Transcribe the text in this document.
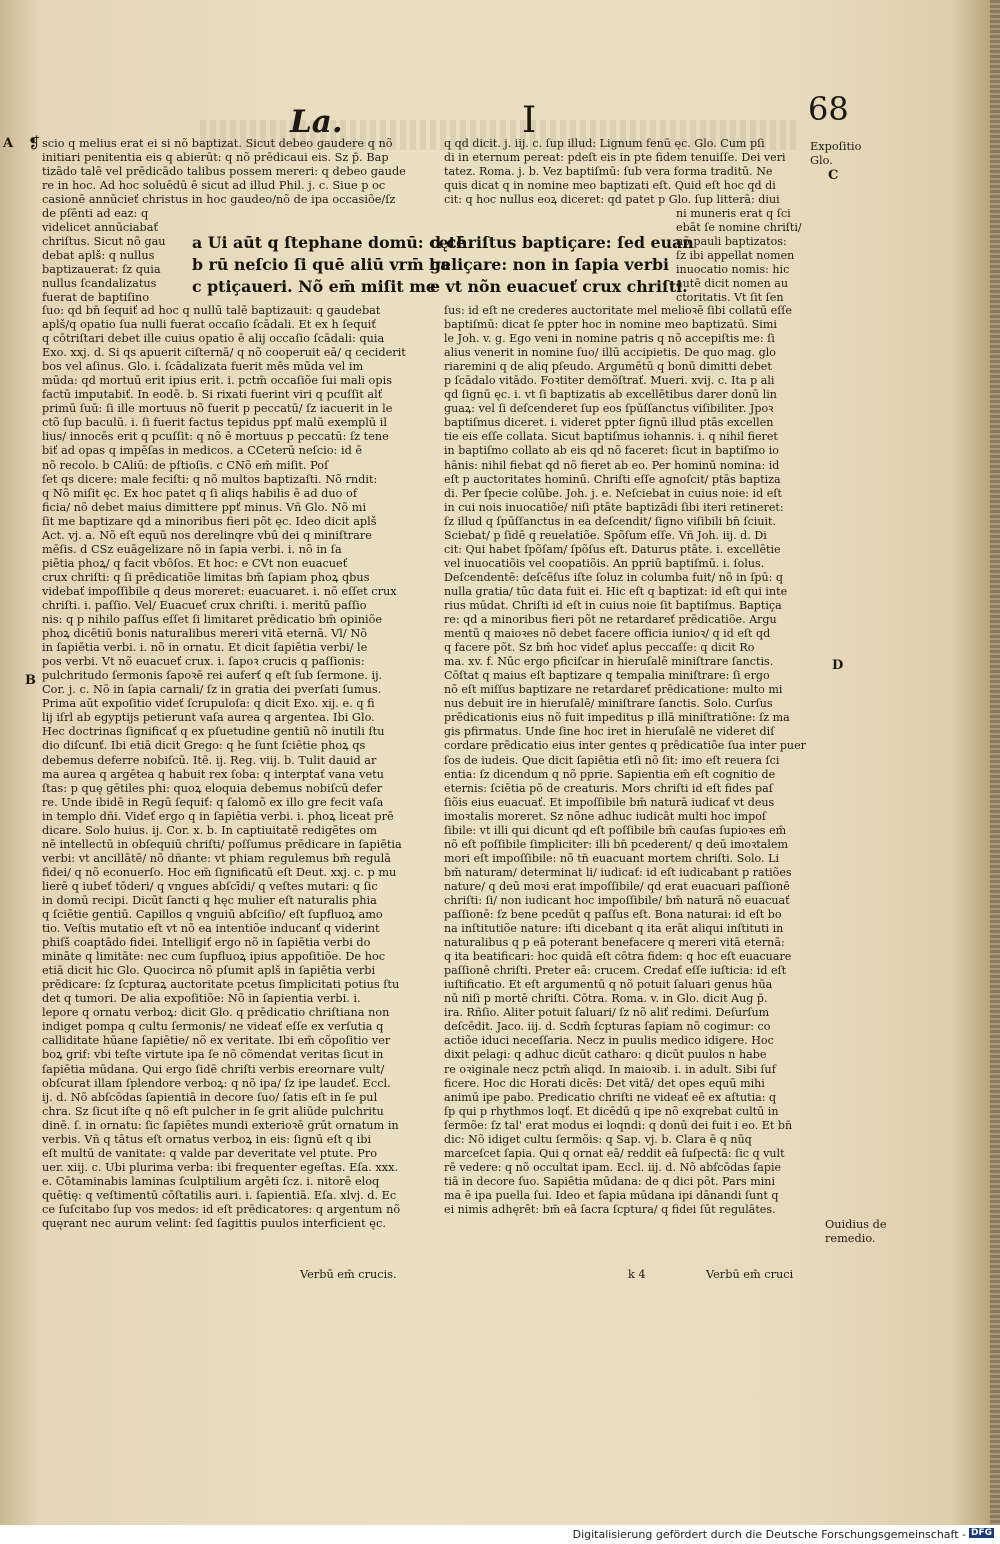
La.	I	68
A
B
C
D
❡ scio q melius erat ei si nõ baptizat. Sicut debeo gaudere q nõ
initiari penitentia eis q abierūt: q nõ prēdicaui eis. Sz p̄. Bap
tizādo talē vel prēdicādo talibus possem mereri: q debeo gaude
re in hoc. Ad hoc soluēdū ē sicut ad illud Phil. j. c. Siue p oc
casionē annūcieť christus in hoc gaudeo/nõ de ipa occasiõe/ſz
de pſēnti ad eaz: q
videlicet annūciabať
chriſtus. Sicut nõ gau
debat aplš: q nullus
baptizauerat: ſz quia
nullus ſcandalizatus
fuerat de baptiſino
a Ui aūt q ſtephane domū: cętē
b rū neſcio ſi quē aliū vrm̄ ba
c ptiçaueri. Nõ em̄ miſit me
d chriſtus baptiçare: ſed euan
geliçare: non in ſapia verbi
e vt nõn euacueť crux chriſti.
ſuo: qd bn̄ ſequiť ad hoc q nullū talē baptizauit: q gaudebat
aplš/q opatio ſua nulli fuerat occaſio ſcādali. Et ex h ſequiť
q cōtriſtari debet ille cuius opatio ē alij occaſio ſcādali: quia
Exo. xxj. d. Si qs apuerit ciſternā/ q nõ cooperuit eā/ q ceciderit
bos vel aſinus. Glo. i. ſcādalizata fuerit mēs mūda vel im
mūda: qd mortuū erit ipius erit. i. pctm̄ occaſiõe ſui mali opis
factū imputabiť. In eodē. b. Si rixati fuerint viri q pcuſſit alť
primū ſuū: ſi ille mortuus nõ fuerit p peccatū/ ſz iacuerit in le
ctõ ſup baculū. i. ſi fuerit factus tepidus ppť malū exemplū il
lius/ innocēs erit q pcuſſit: q nõ ē mortuus p peccatū: ſz tene
biť ad opas q impēſas in medicos. a CCeterū neſcio: id ē
nõ recolo. b CAliū: de pſtioſis. c CNõ em̄ miſit. Poſ
ſet qs dicere: male feciſti: q nõ multos baptizaſti. Nõ rndit:
q Nõ miſit ęc. Ex hoc patet q ſi aliqs habilis ē ad duo of
ficia/ nõ debet maius dimittere ppť minus. Vñ Glo. Nõ mi
ſit me baptizare qd a minoribus fieri põt ęc. Ideo dicit aplš
Act. vj. a. Nõ eſt equū nos derelinqre vbū dei q miniſtrare
mēſis. d CSz euāgelizare nõ in ſapia verbi. i. nõ in ſa
piētia phoꝝ/ q facit vbōſos. Et hoc: e CVt non euacueť
crux chriſti: q ſi prēdicatiõe limitas bm̄ ſapiam phoꝝ qbus
videbať impoſſibile q deus moreret: euacuaret. i. nõ eſſet crux
chriſti. i. paſſio. Vel/ Euacueť crux chriſti. i. meritū paſſio
nis: q p nihilo paſſus eſſet ſi limitaret prēdicatio bm̄ opiniõe
phoꝝ dicētiū bonis naturalibus mereri vitā eternā. Vl/ Nõ
in ſapiētia verbi. i. nõ in ornatu. Et dicit ſapiētia verbi/ le
pos verbi. Vt nõ euacueť crux. i. ſapoꝛ crucis q paſſionis:
pulchritudo ſermonis ſapoꝛē rei auferť q eſt ſub ſermone. ij.
Cor. j. c. Nõ in ſapia carnali/ ſz in gratia dei pverſati ſumus.
Prima aūt expoſitio videť ſcrupuloſa: q dicit Exo. xij. e. q fi
lij iſrl ab egyptijs petierunt vaſa aurea q argentea. Ibi Glo.
Hec doctrinas ſignificať q ex pſuetudine gentiū nõ inutili ſtu
dio diſcunť. Ibi etiā dicit Grego: q he ſunt ſciētie phoꝝ qs
debemus deferre nobiſcū. Itē. ij. Reg. viij. b. Tulit dauid ar
ma aurea q argētea q habuit rex ſoba: q interptať vana vetu
ſtas: p quę gētiles phi: quoꝝ eloquia debemus nobiſcū defer
re. Unde ibidē in Regū ſequiť: q ſalomõ ex illo gre fecit vaſa
in templo dñi. Videť ergo q in ſapiētia verbi. i. phoꝝ liceat prē
dicare. Solo huius. ij. Cor. x. b. In captiuitatē redigētes om
nē intellectū in obſequiū chriſti/ poſſumus prēdicare in ſapiētia
verbi: vt ancillātē/ nõ dñante: vt phiam regulemus bm̄ regulā
fidei/ q nõ econuerſo. Hoc em̄ ſignificatū eſt Deut. xxj. c. p mu
lierē q iubeť tōderi/ q vngues abſcīdi/ q veſtes mutari: q ſic
in domū recipi. Dicūt ſancti q hęc mulier eſt naturalis phia
q ſciētie gentiū. Capillos q vnguiū abſciſio/ eſt ſupfluoꝝ amo
tio. Veſtis mutatio eſt vt nõ ea intentiõe inducanť q viderint
phiſš coaptādo fidei. Intelligiť ergo nõ in ſapiētia verbi do
mināte q limitāte: nec cum ſupfluoꝝ ipius appoſitiõe. De hoc
etiā dicit hic Glo. Quocirca nõ pſumit aplš in ſapiētia verbi
prēdicare: ſz ſcpturaꝝ auctoritate pcetus ſimplicitati potius ſtu
det q tumori. De alia expoſitiõe: Nõ in ſapientia verbi. i.
lepore q ornatu verboꝝ: dicit Glo. q prēdicatio chriſtiana non
indiget pompa q cultu ſermonis/ ne videať eſſe ex verſutia q
calliditate hūane ſapiētie/ nõ ex veritate. Ibi em̄ cõpoſitio ver
boꝝ grif: vbi teſte virtute ipa ſe nõ cõmendat veritas ſicut in
ſapiētia mūdana. Qui ergo ſidē chriſti verbis ereornare vult/
obſcurat illam ſplendore verboꝝ: q nõ ipa/ ſz ipe laudeť. Eccl.
ij. d. Nõ abſcōdas ſapientiā in decore ſuo/ ſatis eſt in ſe pul
chra. Sz ſicut iſte q nõ eſt pulcher in ſe grit aliūde pulchritu
dinē. ſ. in ornatu: ſic ſapiētes mundi exterioꝛē grūt ornatum in
verbis. Vñ q tātus eſt ornatus verboꝝ in eis: ſignū eſt q ibi
eſt multū de vanitate: q valde par deveritate vel ptute. Pro
uer. xiij. c. Ubi plurima verba: ibi frequenter egeſtas. Eſa. xxx.
e. Cōtaminabis laminas ſculptilium argēti ſcz. i. nitorē eloq
quētię: q veſtimentū cōſtatilis auri. i. ſapientiā. Eſa. xlvj. d. Ec
ce ſuſcitabo ſup vos medos: id eſt prēdicatores: q argentum nõ
quęrant nec aurum velint: ſed ſagittis puulos interficient ęc.
Verbū em̄ crucis.
q qd dicit. j. iij. c. ſup illud: Lignum fenū ęc. Glo. Cum pſi
di in eternum pereat: pdeſt eis in pte fidem tenuiſſe. Dei veri
tatez. Roma. j. b. Vez baptiſmū: ſub vera forma traditū. Ne
quis dicat q in nomine meo baptizati eſt. Quid eſt hoc qd di
cit: q hoc nullus eoꝝ diceret: qd patet p Glo. ſup litterā: diui
ni muneris erat q ſci
ebāt ſe nomine chriſti/
nõ pauli baptizatos:
ſz ibi appellat nomen
inuocatio nomis: hic
autē dicit nomen au
ctoritatis. Vt ſit ſen
ſus: id eſt ne crederes auctoritate mel melioꝛē ſibi collatū eſſe
baptiſmū: dicat ſe ppter hoc in nomine meo baptizatū. Simi
le Joh. v. g. Ego veni in nomine patris q nõ accepiſtis me: ſi
alius venerit in nomine ſuo/ illū accipietis. De quo mag. glo
riaremini q de aliq pſeudo. Argumētū q bonū dimitti debet
p ſcādalo vitādo. Foꝛtiter demõſtrať. Mueri. xvij. c. Ita p ali
qd ſignū ęc. i. vt ſi baptizatis ab excellētibus darer donū lin
guaꝝ: vel ſi deſcenderet ſup eos ſpūſſanctus viſibiliter. Jpoꝛ
baptiſmus diceret. i. videret ppter ſignū illud ptās excellen
tie eis eſſe collata. Sicut baptiſmus iohannis. i. q nihil fieret
in baptiſmo collato ab eis qd nõ faceret: ſicut in baptiſmo io
hānis: nihil fiebat qd nõ fieret ab eo. Per hominū nomina: id
eſt p auctoritates hominū. Chriſti eſſe agnoſcit/ ptās baptiza
di. Per ſpecie colūbe. Joh. j. e. Neſciebat in cuius noie: id eſt
in cui nois inuocatiõe/ niſi ptāte baptizādi ſibi iteri retineret:
ſz illud q ſpūſſanctus in ea deſcendit/ ſigno viſibili bn̄ ſciuit.
Sciebat/ p ſidē q reuelatiõe. Spõſum eſſe. Vñ Joh. iij. d. Di
cit: Qui habet ſpõſam/ ſpõſus eſt. Daturus ptāte. i. excellētie
vel inuocatiõis vel coopatiõis. An ppriū baptiſmū. i. ſolus.
Deſcendentē: deſcēſus iſte ſoluz in columba fuit/ nõ in ſpū: q
nulla gratia/ tūc data fuit ei. Hic eſt q baptizat: id eſt qui inte
rius mūdat. Chriſti id eſt in cuius noie ſit baptiſmus. Baptiça
re: qd a minoribus fieri põt ne retardareť prēdicatiõe. Argu
mentū q maioꝛes nõ debet facere officia iunioꝛ/ q id eſt qd
q facere põt. Sz bm̄ hoc videť aplus peccaſſe: q dicit Ro
ma. xv. f. Nūc ergo pficiſcar in hieruſalē miniſtrare ſanctis.
Cōſtat q maius eſt baptizare q tempalia miniſtrare: ſi ergo
nõ eſt miſſus baptizare ne retardareť prēdicatione: multo mi
nus debuit ire in hieruſalē/ miniſtrare ſanctis. Solo. Curſus
prēdicationis eius nõ fuit impeditus p illā miniſtratiõne: ſz ma
gis pfirmatus. Unde ſine hoc iret in hieruſalē ne videret diſ
cordare prēdicatio eius inter gentes q prēdicatiõe ſua inter puer
ſos de iudeis. Que dicit ſapiētia etſi nõ ſit: imo eſt reuera ſci
entia: ſz dicendum q nõ pprie. Sapientia em̄ eſt cognitio de
eternis: ſciētia pō de creaturis. Mors chriſti id eſt fides paſ
ſiõis eius euacuať. Et impoſſibile bm̄ naturā iudicať vt deus
imoꝛtalis moreret. Sz nõne adhuc iudicāt multi hoc impoſ
ſibile: vt illi qui dicunt qd eſt poſſibile bm̄ cauſas ſupioꝛes em̄
nõ eſt poſſibile ſimpliciter: illi bn̄ pcederent/ q deū imoꝛtalem
mori eſt impoſſibile: nõ tn̄ euacuant mortem chriſti. Solo. Li
bm̄ naturam/ determinat li/ iudicať: id eſt iudicabant p ratiões
nature/ q deū moꝛi erat impoſſibile/ qd erat euacuari paſſionē
chriſti: ſi/ non iudicant hoc impoſſibile/ bm̄ naturā nõ euacuať
paſſionē: ſz bene pcedūt q paſſus eſt. Bona naturai: id eſt bo
na inſtitutiõe nature: iſti dicebant q ita erāt aliqui inſtituti in
naturalibus q p eā poterant benefacere q mereri vitā eternā:
q ita beatificari: hoc quidā eſt cōtra fidem: q hoc eſt euacuare
paſſionē chriſti. Preter eā: crucem. Credať eſſe iuſticia: id eſt
iuſtificatio. Et eſt argumentū q nõ potuit ſaluari genus hūa
nū niſi p mortē chriſti. Cōtra. Roma. v. in Glo. dicit Aug p̄.
ira. Rñſio. Aliter potuit ſaluari/ ſz nõ aliť redimi. Deſurſum
deſcēdit. Jaco. iij. d. Scdm̄ ſcpturas ſapiam nõ cogimur: co
actiõe iduci neceſſaria. Necz in puulis medico idigere. Hoc
dixit pelagi: q adhuc dicūt catharo: q dicūt puulos n habe
re oꝛiginale necz pctm̄ aliqd. In maioꝛib. i. in adult. Sibi ſuf
ficere. Hoc dic Horati dicēs: Det vitā/ det opes equū mihi
animū ipe pabo. Predicatio chriſti ne videať eē ex aſtutia: q
ſp qui p rhythmos loqť. Et dicēdū q ipe nõ exqrebat cultū in
ſermõe: ſz tal' erat modus ei loqndi: q donū dei fuit i eo. Et bn̄
dic: Nõ idiget cultu ſermõis: q Sap. vj. b. Clara ē q nūq
marceſcet ſapia. Qui q ornat eā/ reddit eā ſuſpectā: ſic q vult
rē vedere: q nõ occultat ipam. Eccl. iij. d. Nõ abſcōdas ſapie
tiā in decore ſuo. Sapiētia mūdana: de q dici põt. Pars mini
ma ē ipa puella ſui. Ideo et ſapia mūdana ipi dānandi ſunt q
ei nimis adhęrēt: bm̄ eā ſacra ſcptura/ q fidei ſūt regulātes.
k 4	Verbū em̄ cruci
Expoſitio
Glo.
Ouidius de
remedio.
Digitalisierung gefördert durch die Deutsche Forschungsgemeinschaft - DFG
